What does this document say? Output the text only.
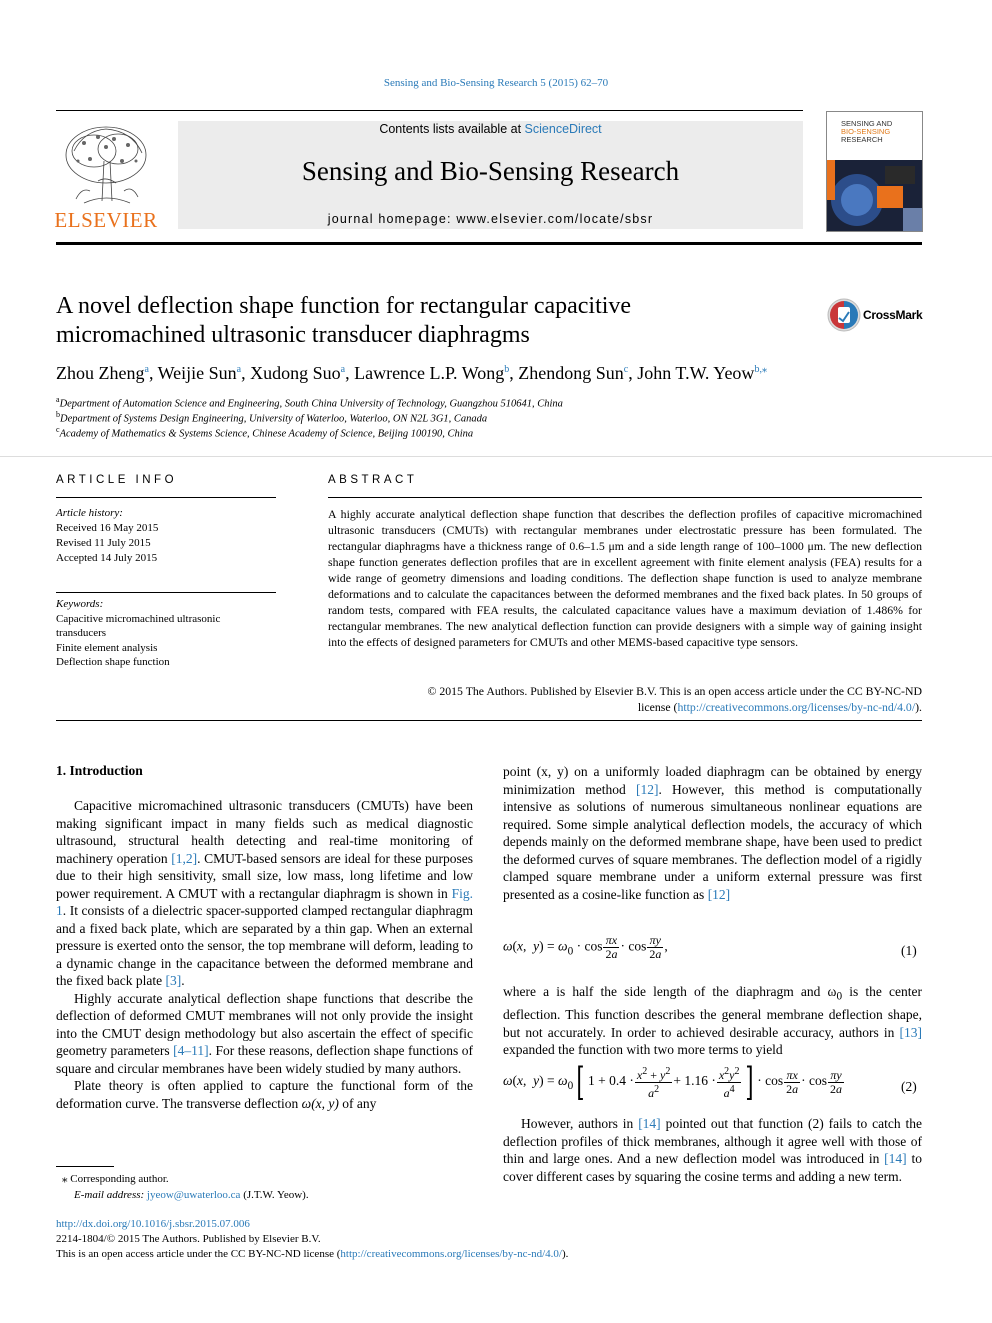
Sensing and Bio-Sensing Research 5 (2015) 62–70
ELSEVIER
Contents lists available at ScienceDirect
Sensing and Bio-Sensing Research
journal homepage: www.elsevier.com/locate/sbsr
SENSING AND
BIO-SENSING
RESEARCH
A novel deflection shape function for rectangular capacitive
micromachined ultrasonic transducer diaphragms
CrossMark
Zhou Zheng$^a$, Weijie Sun$^a$, Xudong Suo$^a$, Lawrence L.P. Wong$^b$, Zhendong Sun$^c$, John T.W. Yeow$^{b,⁎}$
$^a$Department of Automation Science and Engineering, South China University of Technology, Guangzhou 510641, China
$^b$Department of Systems Design Engineering, University of Waterloo, Waterloo, ON N2L 3G1, Canada
$^c$Academy of Mathematics & Systems Science, Chinese Academy of Science, Beijing 100190, China
ARTICLE INFO
Article history:
Received 16 May 2015
Revised 11 July 2015
Accepted 14 July 2015
Keywords:
Capacitive micromachined ultrasonic transducers
Finite element analysis
Deflection shape function
ABSTRACT
A highly accurate analytical deflection shape function that describes the deflection profiles of capacitive micromachined ultrasonic transducers (CMUTs) with rectangular membranes under electrostatic pressure has been formulated. The rectangular diaphragms have a thickness range of 0.6–1.5 μm and a side length range of 100–1000 μm. The new deflection shape function generates deflection profiles that are in excellent agreement with finite element analysis (FEA) results for a wide range of geometry dimensions and loading conditions. The deflection shape function is used to analyze membrane deformations and to calculate the capacitances between the deformed membranes and the fixed back plates. In 50 groups of random tests, compared with FEA results, the calculated capacitance values have a maximum deviation of 1.486% for rectangular membranes. The new analytical deflection function can provide designers with a simple way of gaining insight into the effects of designed parameters for CMUTs and other MEMS-based capacitive type sensors.
© 2015 The Authors. Published by Elsevier B.V. This is an open access article under the CC BY-NC-ND
license (http://creativecommons.org/licenses/by-nc-nd/4.0/).
1. Introduction

Capacitive micromachined ultrasonic transducers (CMUTs) have been making significant impact in many fields such as medical diagnostic ultrasound, structural health detecting and real-time monitoring of machinery operation [1,2]. CMUT-based sensors are ideal for these purposes due to their high sensitivity, small size, low mass, long lifetime and low power requirement. A CMUT with a rectangular diaphragm is shown in Fig. 1. It consists of a dielectric spacer-supported clamped rectangular diaphragm and a fixed back plate, which are separated by a thin gap. When an external pressure is exerted onto the sensor, the top membrane will deform, leading to a dynamic change in the capacitance between the deformed membrane and the fixed back plate [3].

Highly accurate analytical deflection shape functions that describe the deflection of deformed CMUT membranes will not only provide the insight into the CMUT design methodology but also ascertain the effect of specific geometry parameters [4–11]. For these reasons, deflection shape functions of square and circular membranes have been widely studied by many authors.

Plate theory is often applied to capture the functional form of the deformation curve. The transverse deflection ω(x, y) of any

point (x, y) on a uniformly loaded diaphragm can be obtained by energy minimization method [12]. However, this method is computationally intensive as solutions of numerous simultaneous nonlinear equations are required. Some simple analytical deflection models, the accuracy of which depends mainly on the deformed membrane shape, have been used to predict the deformed curves of square membranes. The deflection model of a rigidly clamped square membrane under a uniform external pressure was first presented as a cosine-like function as [12]

ω(x,  $y) = \omega_0 \cdot \cos \frac{\pi x}{2a} \cdot \cos \frac{\pi y}{2a}$ ,	(1)

where a is half the side length of the diaphragm and $\omega_0$ is the center deflection. This function describes the general membrane deflection shape, but not accurately. In order to achieved desirable accuracy, authors in [13] expanded the function with two more terms to yield

ω(x,  $y) = \omega_0$[ $1 + 0.4 \cdot \frac{x^2 + y^2}{a^2} + 1.16 \cdot \frac{x^2y^2}{a^4}$ ] · $\cos \frac{\pi x}{2a} \cdot \cos \frac{\pi y}{2a}$	(2)

However, authors in [14] pointed out that function (2) fails to catch the deflection profiles of thick membranes, although it agree well with those of thin and large ones. And a new deflection model was introduced in [14] to cover different cases by squaring the cosine terms and adding a new term.

⁎ Corresponding author.
E-mail address: jyeow@uwaterloo.ca (J.T.W. Yeow).
http://dx.doi.org/10.1016/j.sbsr.2015.07.006
2214-1804/© 2015 The Authors. Published by Elsevier B.V.
This is an open access article under the CC BY-NC-ND license (http://creativecommons.org/licenses/by-nc-nd/4.0/).
